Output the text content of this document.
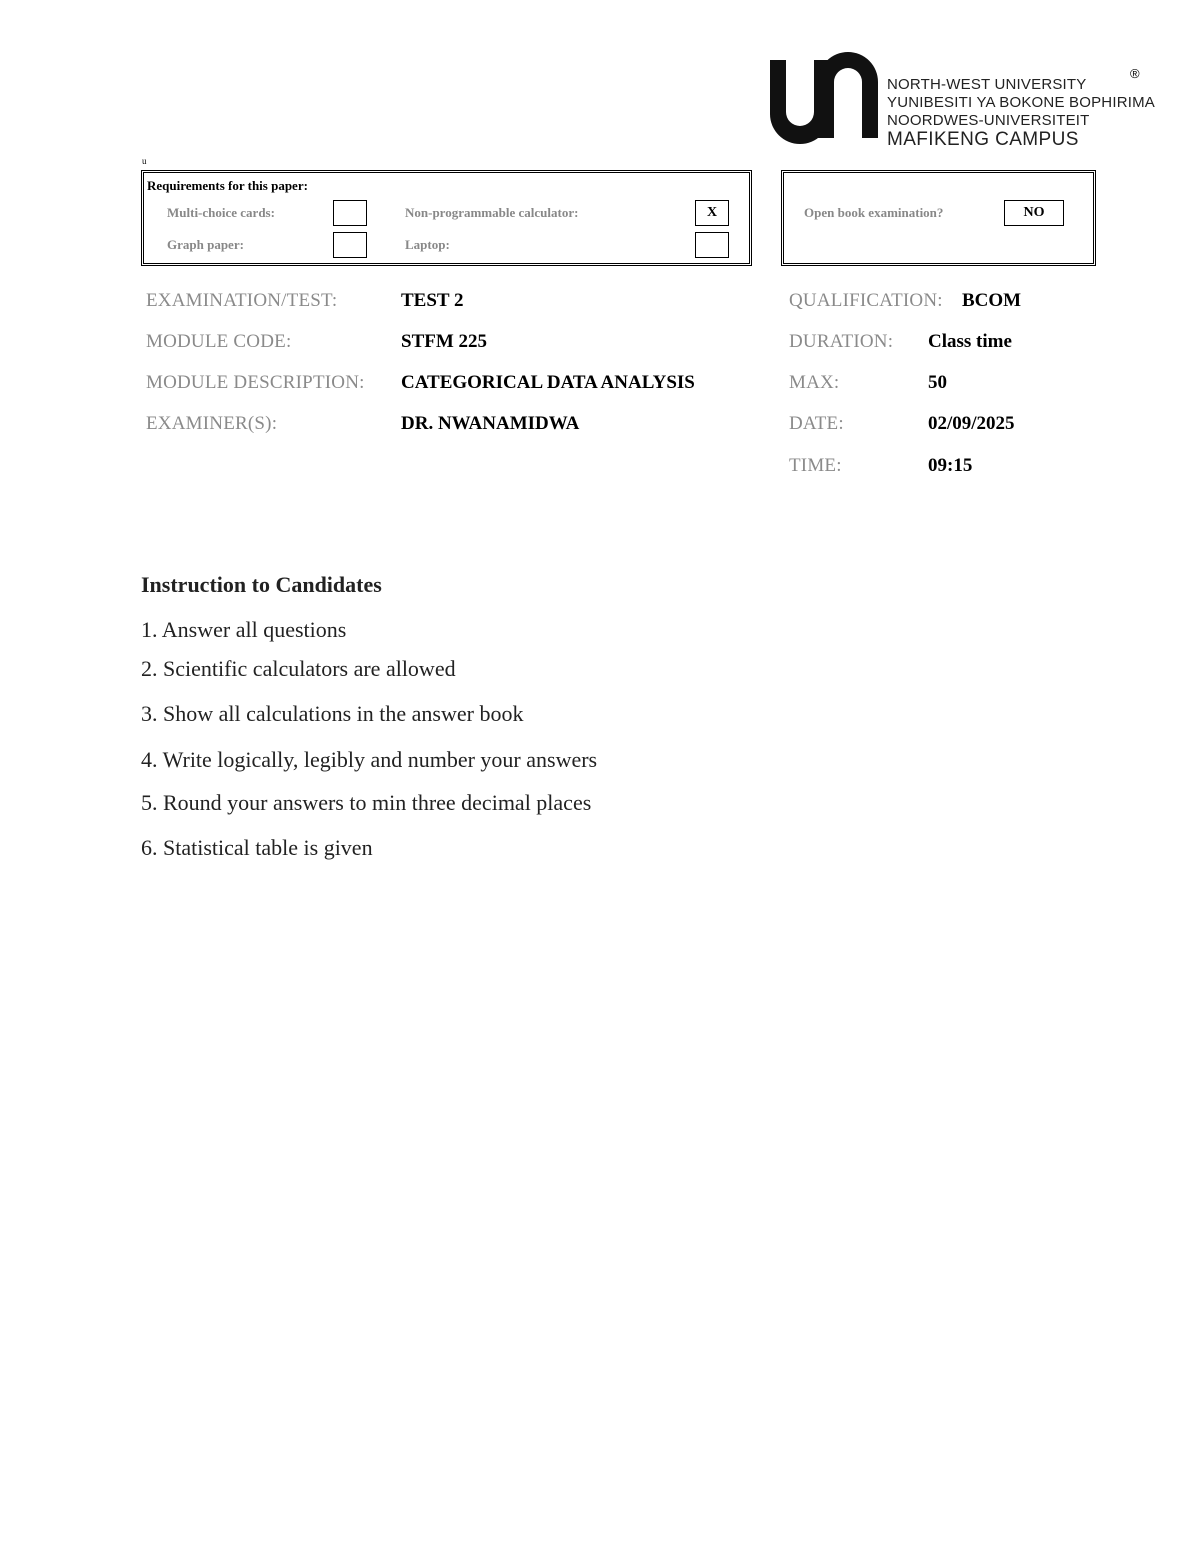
NORTH-WEST UNIVERSITY
YUNIBESITI YA BOKONE BOPHIRIMA
NOORDWES-UNIVERSITEIT
MAFIKENG CAMPUS
®
u
Requirements for this paper:
Multi-choice cards:
Graph paper:
Non-programmable calculator:	X
Laptop:
Open book examination?	NO
EXAMINATION/TEST:	TEST 2
MODULE CODE:	STFM 225
MODULE DESCRIPTION: CATEGORICAL DATA ANALYSIS
EXAMINER(S):	DR. NWANAMIDWA
QUALIFICATION: BCOM
DURATION: Class time
MAX:	50
DATE:	02/09/2025
TIME:	09:15
Instruction to Candidates
1. Answer all questions
2. Scientific calculators are allowed
3. Show all calculations in the answer book
4. Write logically, legibly and number your answers
5. Round your answers to min three decimal places
6. Statistical table is given
